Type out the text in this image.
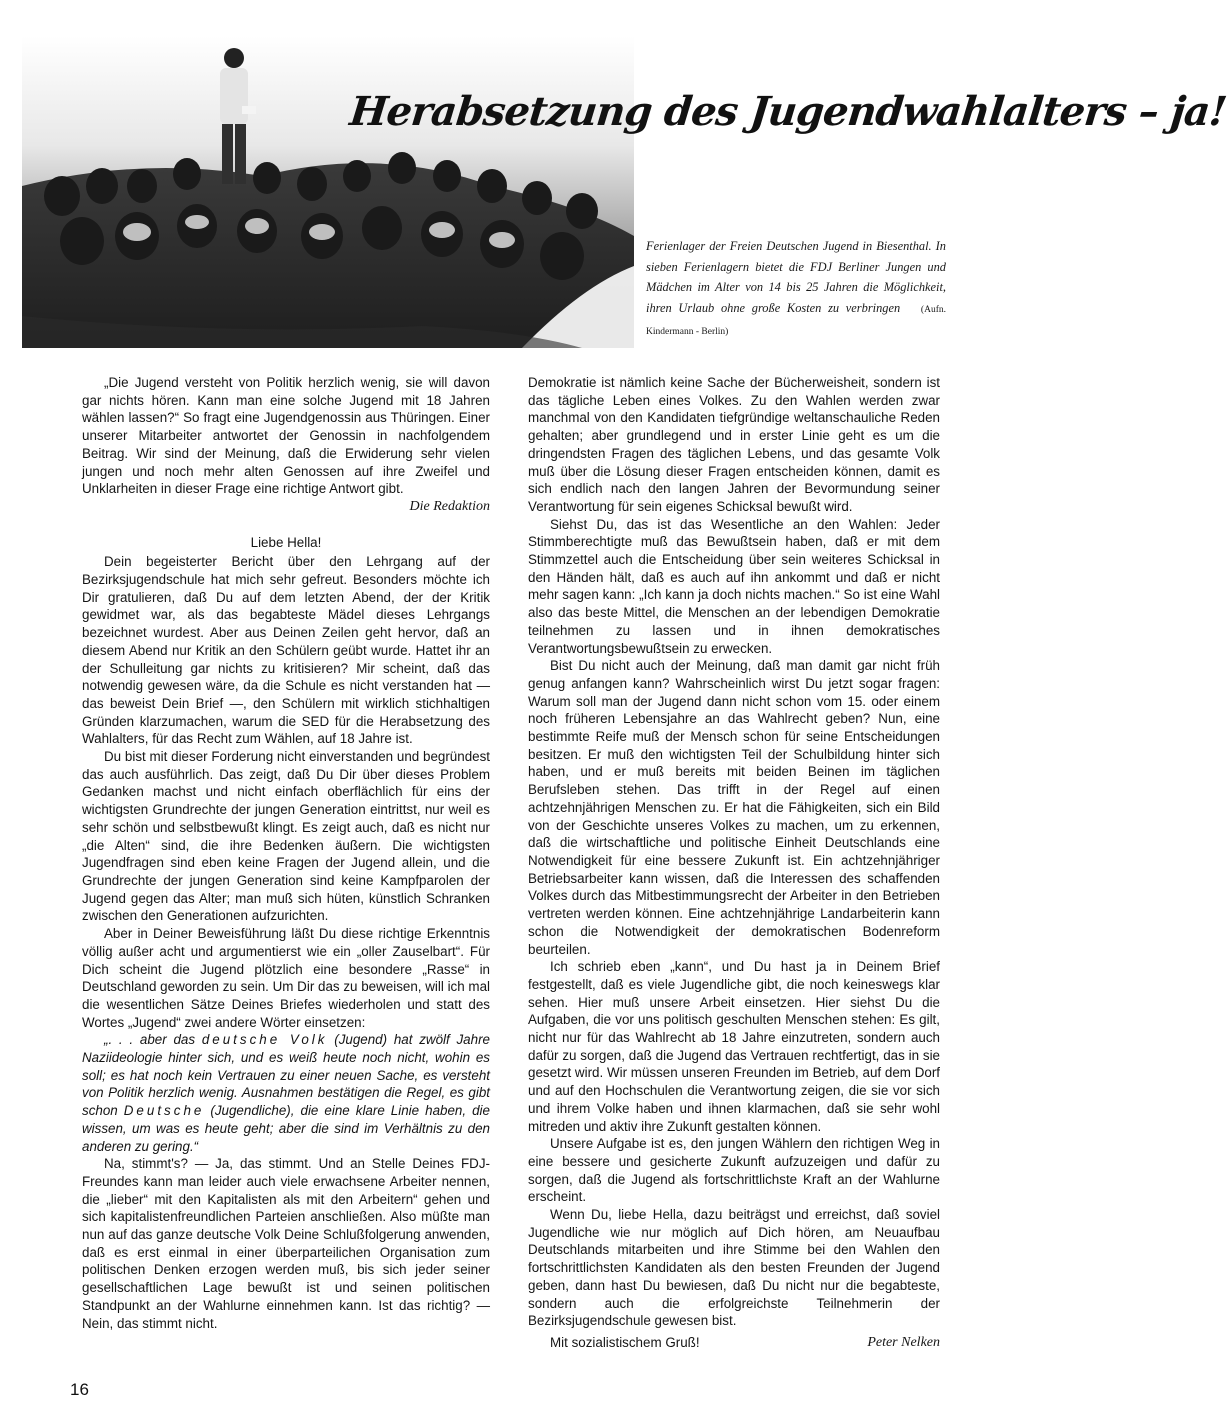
Herabsetzung des Jugendwahlalters – ja!
Ferienlager der Freien Deutschen Jugend in Biesenthal. In sieben Ferienlagern bietet die FDJ Berliner Jungen und Mädchen im Alter von 14 bis 25 Jahren die Möglichkeit, ihren Urlaub ohne große Kosten zu verbringen (Aufn. Kindermann - Berlin)

„Die Jugend versteht von Politik herzlich wenig, sie will davon gar nichts hören. Kann man eine solche Jugend mit 18 Jahren wählen lassen?“ So fragt eine Jugendgenossin aus Thüringen. Einer unserer Mitarbeiter antwortet der Genossin in nachfolgendem Beitrag. Wir sind der Meinung, daß die Erwiderung sehr vielen jungen und noch mehr alten Genossen auf ihre Zweifel und Unklarheiten in dieser Frage eine richtige Antwort gibt.

Die Redaktion

Liebe Hella!

Dein begeisterter Bericht über den Lehrgang auf der Bezirksjugendschule hat mich sehr gefreut. Besonders möchte ich Dir gratulieren, daß Du auf dem letzten Abend, der der Kritik gewidmet war, als das begabteste Mädel dieses Lehrgangs bezeichnet wurdest. Aber aus Deinen Zeilen geht hervor, daß an diesem Abend nur Kritik an den Schülern geübt wurde. Hattet ihr an der Schulleitung gar nichts zu kritisieren? Mir scheint, daß das notwendig gewesen wäre, da die Schule es nicht verstanden hat — das beweist Dein Brief —, den Schülern mit wirklich stichhaltigen Gründen klarzumachen, warum die SED für die Herabsetzung des Wahlalters, für das Recht zum Wählen, auf 18 Jahre ist.

Du bist mit dieser Forderung nicht einverstanden und begründest das auch ausführlich. Das zeigt, daß Du Dir über dieses Problem Gedanken machst und nicht einfach oberflächlich für eins der wichtigsten Grundrechte der jungen Generation eintrittst, nur weil es sehr schön und selbstbewußt klingt. Es zeigt auch, daß es nicht nur „die Alten“ sind, die ihre Bedenken äußern. Die wichtigsten Jugendfragen sind eben keine Fragen der Jugend allein, und die Grundrechte der jungen Generation sind keine Kampfparolen der Jugend gegen das Alter; man muß sich hüten, künstlich Schranken zwischen den Generationen aufzurichten.

Aber in Deiner Beweisführung läßt Du diese richtige Erkenntnis völlig außer acht und argumentierst wie ein „oller Zauselbart“. Für Dich scheint die Jugend plötzlich eine besondere „Rasse“ in Deutschland geworden zu sein. Um Dir das zu beweisen, will ich mal die wesentlichen Sätze Deines Briefes wiederholen und statt des Wortes „Jugend“ zwei andere Wörter einsetzen:

„. . . aber das deutsche Volk (Jugend) hat zwölf Jahre Naziideologie hinter sich, und es weiß heute noch nicht, wohin es soll; es hat noch kein Vertrauen zu einer neuen Sache, es versteht von Politik herzlich wenig. Ausnahmen bestätigen die Regel, es gibt schon Deutsche (Jugendliche), die eine klare Linie haben, die wissen, um was es heute geht; aber die sind im Verhältnis zu den anderen zu gering.“

Na, stimmt's? — Ja, das stimmt. Und an Stelle Deines FDJ-Freundes kann man leider auch viele erwachsene Arbeiter nennen, die „lieber“ mit den Kapitalisten als mit den Arbeitern“ gehen und sich kapitalistenfreundlichen Parteien anschließen. Also müßte man nun auf das ganze deutsche Volk Deine Schlußfolgerung anwenden, daß es erst einmal in einer überparteilichen Organisation zum politischen Denken erzogen werden muß, bis sich jeder seiner gesellschaftlichen Lage bewußt ist und seinen politischen Standpunkt an der Wahlurne einnehmen kann. Ist das richtig? — Nein, das stimmt nicht.

Demokratie ist nämlich keine Sache der Bücherweisheit, sondern ist das tägliche Leben eines Volkes. Zu den Wahlen werden zwar manchmal von den Kandidaten tiefgründige weltanschauliche Reden gehalten; aber grundlegend und in erster Linie geht es um die dringendsten Fragen des täglichen Lebens, und das gesamte Volk muß über die Lösung dieser Fragen entscheiden können, damit es sich endlich nach den langen Jahren der Bevormundung seiner Verantwortung für sein eigenes Schicksal bewußt wird.

Siehst Du, das ist das Wesentliche an den Wahlen: Jeder Stimmberechtigte muß das Bewußtsein haben, daß er mit dem Stimmzettel auch die Entscheidung über sein weiteres Schicksal in den Händen hält, daß es auch auf ihn ankommt und daß er nicht mehr sagen kann: „Ich kann ja doch nichts machen.“ So ist eine Wahl also das beste Mittel, die Menschen an der lebendigen Demokratie teilnehmen zu lassen und in ihnen demokratisches Verantwortungsbewußtsein zu erwecken.

Bist Du nicht auch der Meinung, daß man damit gar nicht früh genug anfangen kann? Wahrscheinlich wirst Du jetzt sogar fragen: Warum soll man der Jugend dann nicht schon vom 15. oder einem noch früheren Lebensjahre an das Wahlrecht geben? Nun, eine bestimmte Reife muß der Mensch schon für seine Entscheidungen besitzen. Er muß den wichtigsten Teil der Schulbildung hinter sich haben, und er muß bereits mit beiden Beinen im täglichen Berufsleben stehen. Das trifft in der Regel auf einen achtzehnjährigen Menschen zu. Er hat die Fähigkeiten, sich ein Bild von der Geschichte unseres Volkes zu machen, um zu erkennen, daß die wirtschaftliche und politische Einheit Deutschlands eine Notwendigkeit für eine bessere Zukunft ist. Ein achtzehnjähriger Betriebsarbeiter kann wissen, daß die Interessen des schaffenden Volkes durch das Mitbestimmungsrecht der Arbeiter in den Betrieben vertreten werden können. Eine achtzehnjährige Landarbeiterin kann schon die Notwendigkeit der demokratischen Bodenreform beurteilen.

Ich schrieb eben „kann“, und Du hast ja in Deinem Brief festgestellt, daß es viele Jugendliche gibt, die noch keineswegs klar sehen. Hier muß unsere Arbeit einsetzen. Hier siehst Du die Aufgaben, die vor uns politisch geschulten Menschen stehen: Es gilt, nicht nur für das Wahlrecht ab 18 Jahre einzutreten, sondern auch dafür zu sorgen, daß die Jugend das Vertrauen rechtfertigt, das in sie gesetzt wird. Wir müssen unseren Freunden im Betrieb, auf dem Dorf und auf den Hochschulen die Verantwortung zeigen, die sie vor sich und ihrem Volke haben und ihnen klarmachen, daß sie sehr wohl mitreden und aktiv ihre Zukunft gestalten können.

Unsere Aufgabe ist es, den jungen Wählern den richtigen Weg in eine bessere und gesicherte Zukunft aufzuzeigen und dafür zu sorgen, daß die Jugend als fortschrittlichste Kraft an der Wahlurne erscheint.

Wenn Du, liebe Hella, dazu beiträgst und erreichst, daß soviel Jugendliche wie nur möglich auf Dich hören, am Neuaufbau Deutschlands mitarbeiten und ihre Stimme bei den Wahlen den fortschrittlichsten Kandidaten als den besten Freunden der Jugend geben, dann hast Du bewiesen, daß Du nicht nur die begabteste, sondern auch die erfolgreichste Teilnehmerin der Bezirksjugendschule gewesen bist.

Mit sozialistischem Gruß!	Peter Nelken
16
